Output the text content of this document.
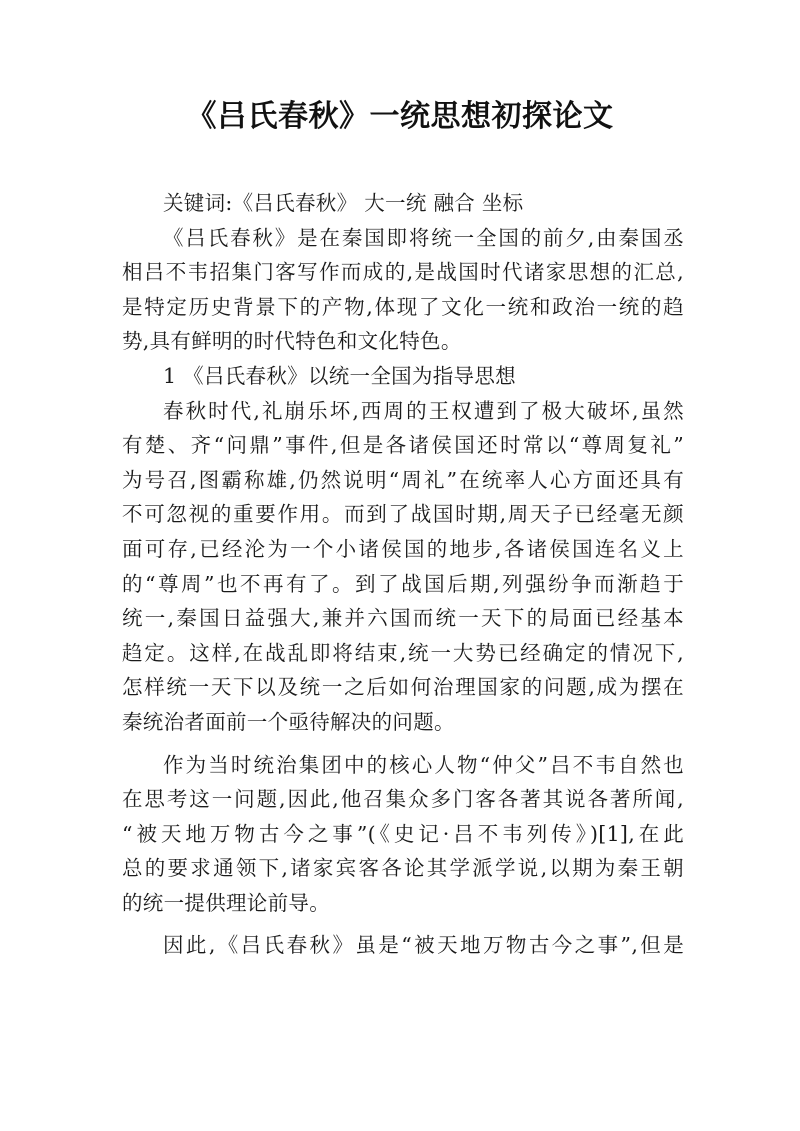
《吕氏春秋》一统思想初探论文
关键词:《吕氏春秋》 大一统 融合 坐标
《吕氏春秋》是在秦国即将统一全国的前夕,由秦国丞
相吕不韦招集门客写作而成的,是战国时代诸家思想的汇总,
是特定历史背景下的产物,体现了文化一统和政治一统的趋
势,具有鲜明的时代特色和文化特色。
1 《吕氏春秋》以统一全国为指导思想
春秋时代,礼崩乐坏,西周的王权遭到了极大破坏,虽然
有楚、齐“问鼎”事件,但是各诸侯国还时常以“尊周复礼”
为号召,图霸称雄,仍然说明“周礼”在统率人心方面还具有
不可忽视的重要作用。而到了战国时期,周天子已经毫无颜
面可存,已经沦为一个小诸侯国的地步,各诸侯国连名义上
的“尊周”也不再有了。到了战国后期,列强纷争而渐趋于
统一,秦国日益强大,兼并六国而统一天下的局面已经基本
趋定。这样,在战乱即将结束,统一大势已经确定的情况下,
怎样统一天下以及统一之后如何治理国家的问题,成为摆在
秦统治者面前一个亟待解决的问题。
作为当时统治集团中的核心人物“仲父”吕不韦自然也
在思考这一问题,因此,他召集众多门客各著其说各著所闻,
“被天地万物古今之事”(《史记·吕不韦列传》)[1],在此
总的要求通领下,诸家宾客各论其学派学说,以期为秦王朝
的统一提供理论前导。
因此,《吕氏春秋》虽是“被天地万物古今之事”,但是
